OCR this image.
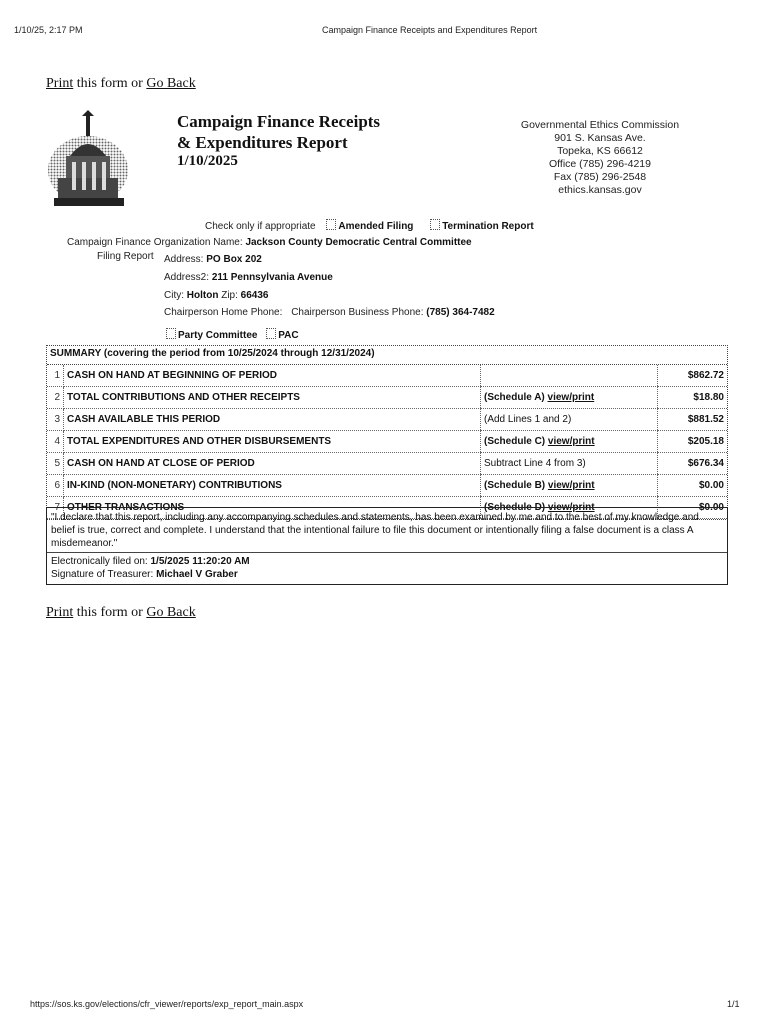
1/10/25, 2:17 PM	Campaign Finance Receipts and Expenditures Report
Print this form or Go Back
Campaign Finance Receipts
& Expenditures Report
1/10/2025
Governmental Ethics Commission
901 S. Kansas Ave.
Topeka, KS 66612
Office (785) 296-4219
Fax (785) 296-2548
ethics.kansas.gov
Check only if appropriate Amended Filing	Termination Report
Campaign Finance Organization Name: Jackson County Democratic Central Committee
Filing Report Address: PO Box 202
Address2: 211 Pennsylvania Avenue
City: Holton Zip: 66436
Chairperson Home Phone: Chairperson Business Phone: (785) 364-7482
Party Committee PAC
SUMMARY (covering the period from 10/25/2024 through 12/31/2024)
1	CASH ON HAND AT BEGINNING OF PERIOD		$862.72
2	TOTAL CONTRIBUTIONS AND OTHER RECEIPTS	(Schedule A) view/print	$18.80
3	CASH AVAILABLE THIS PERIOD	(Add Lines 1 and 2)	$881.52
4	TOTAL EXPENDITURES AND OTHER DISBURSEMENTS	(Schedule C) view/print	$205.18
5	CASH ON HAND AT CLOSE OF PERIOD	Subtract Line 4 from 3)	$676.34
6	IN-KIND (NON-MONETARY) CONTRIBUTIONS	(Schedule B) view/print	$0.00
7	OTHER TRANSACTIONS	(Schedule D) view/print	$0.00
"I declare that this report, including any accompanying schedules and statements, has been examined by me and to the best of my knowledge and belief is true, correct and complete. I understand that the intentional failure to file this document or intentionally filing a false document is a class A misdemeanor."
Electronically filed on: 1/5/2025 11:20:20 AM
Signature of Treasurer: Michael V Graber
Print this form or Go Back
https://sos.ks.gov/elections/cfr_viewer/reports/exp_report_main.aspx	1/1
